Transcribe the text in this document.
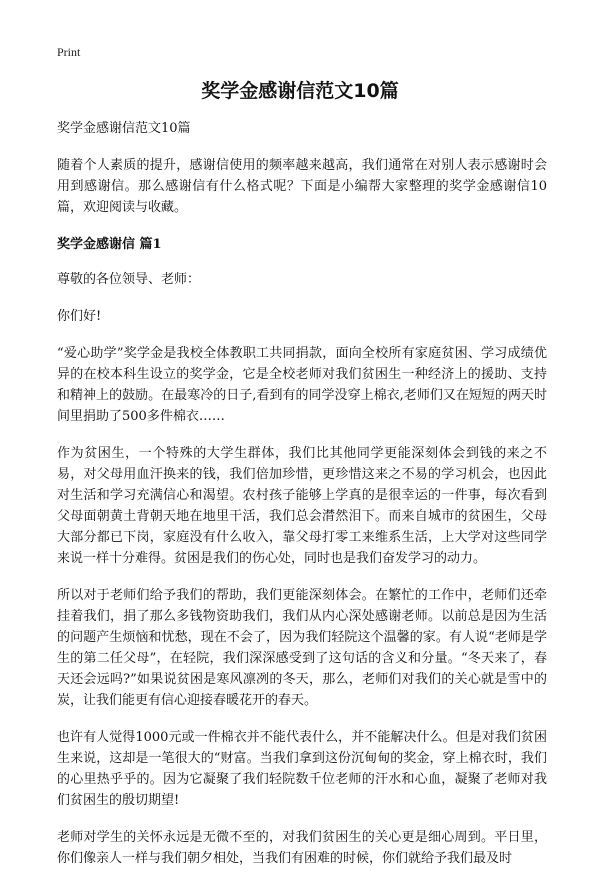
Print
奖学金感谢信范文10篇

奖学金感谢信范文10篇

随着个人素质的提升，感谢信使用的频率越来越高，我们通常在对别人表示感谢时会用到感谢信。那么感谢信有什么格式呢？下面是小编帮大家整理的奖学金感谢信10篇，欢迎阅读与收藏。

奖学金感谢信 篇1

尊敬的各位领导、老师：

你们好!

“爱心助学”奖学金是我校全体教职工共同捐款，面向全校所有家庭贫困、学习成绩优异的在校本科生设立的奖学金，它是全校老师对我们贫困生一种经济上的援助、支持和精神上的鼓励。在最寒冷的日子,看到有的同学没穿上棉衣,老师们又在短短的两天时间里捐助了500多件棉衣……

作为贫困生，一个特殊的大学生群体，我们比其他同学更能深刻体会到钱的来之不易，对父母用血汗换来的钱，我们倍加珍惜，更珍惜这来之不易的学习机会，也因此对生活和学习充满信心和渴望。农村孩子能够上学真的是很幸运的一件事，每次看到父母面朝黄土背朝天地在地里干活，我们总会潸然泪下。而来自城市的贫困生，父母大部分都已下岗，家庭没有什么收入，靠父母打零工来维系生活，上大学对这些同学来说一样十分难得。贫困是我们的伤心处，同时也是我们奋发学习的动力。

所以对于老师们给予我们的帮助，我们更能深刻体会。在繁忙的工作中，老师们还牵挂着我们，捐了那么多钱物资助我们，我们从内心深处感谢老师。以前总是因为生活的问题产生烦恼和忧愁，现在不会了，因为我们轻院这个温馨的家。有人说“老师是学生的第二任父母”，在轻院，我们深深感受到了这句话的含义和分量。“冬天来了，春天还会远吗?”如果说贫困是寒风凛冽的冬天，那么，老师们对我们的关心就是雪中的炭，让我们能更有信心迎接春暖花开的春天。

也许有人觉得1000元或一件棉衣并不能代表什么，并不能解决什么。但是对我们贫困生来说，这却是一笔很大的“财富。当我们拿到这份沉甸甸的奖金，穿上棉衣时，我们的心里热乎乎的。因为它凝聚了我们轻院数千位老师的汗水和心血，凝聚了老师对我们贫困生的殷切期望!

老师对学生的关怀永远是无微不至的，对我们贫困生的关心更是细心周到。平日里，你们像亲人一样与我们朝夕相处，当我们有困难的时候，你们就给予我们最及时
